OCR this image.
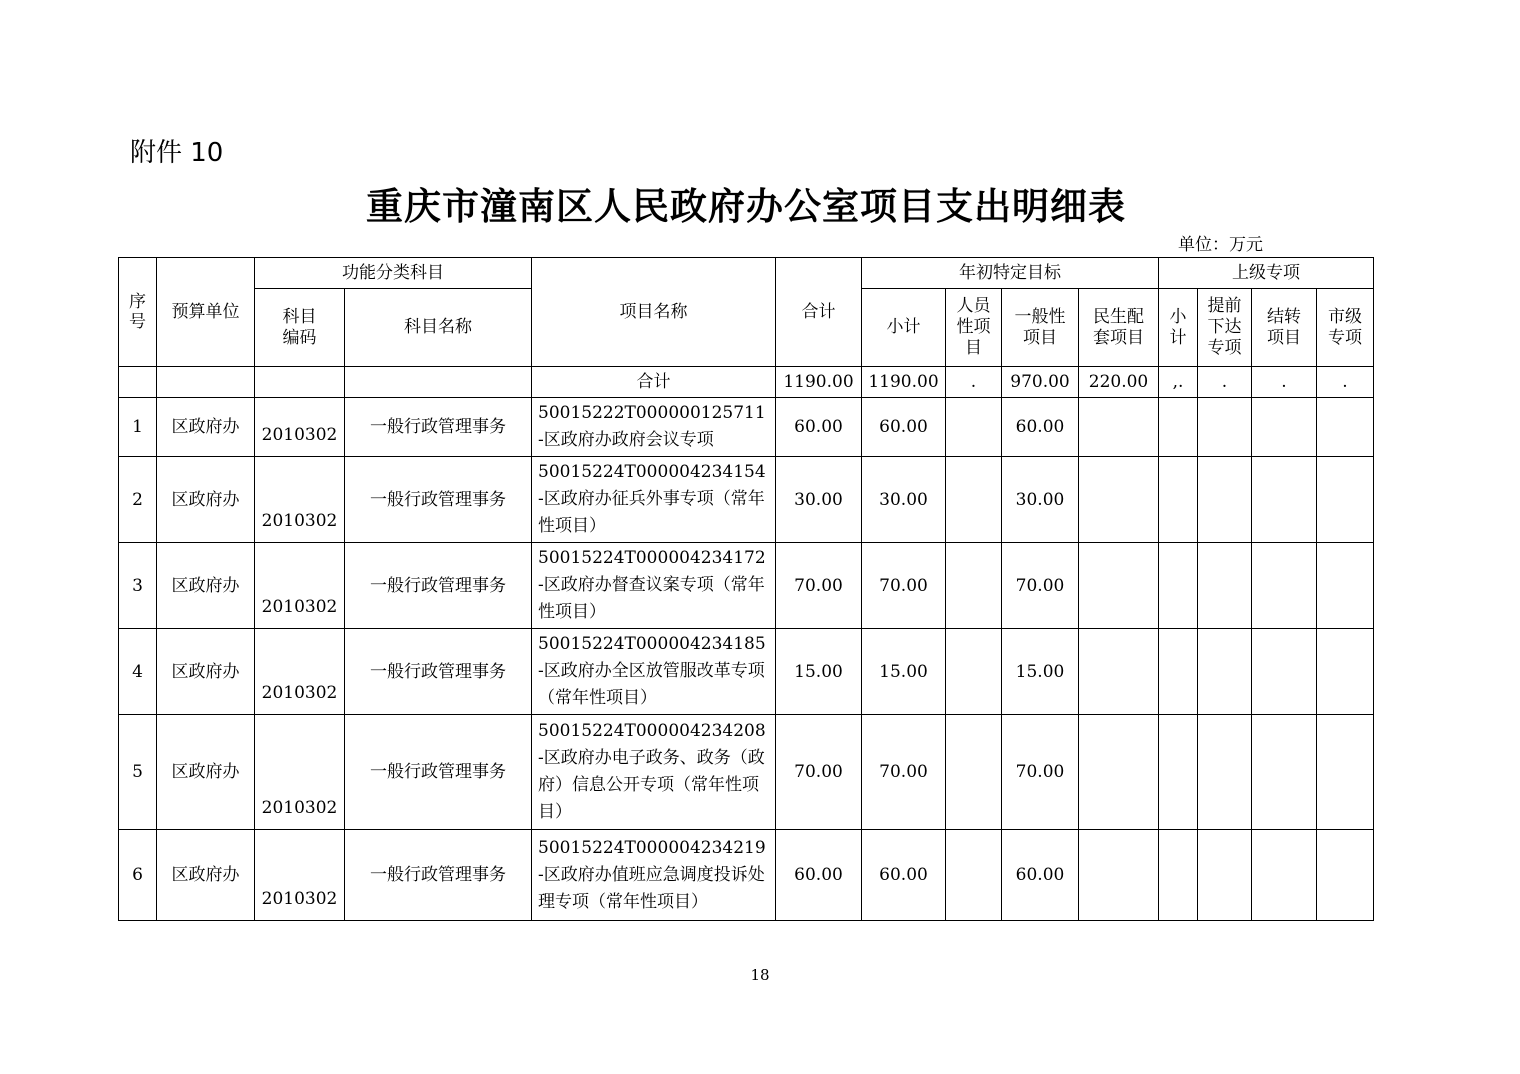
附件 10
重庆市潼南区人民政府办公室项目支出明细表
单位：万元
序号	预算单位	功能分类科目		项目名称	合计	年初特定目标				上级专项			
		科目编码	科目名称			小计	人员性项目	一般性项目	民生配套项目	小计	提前下达专项	结转项目	市级专项
				合计	1190.00	1190.00	.	970.00	220.00	,.	.	.	.
1	区政府办	2010302	一般行政管理事务	50015222T000000125711-区政府办政府会议专项	60.00	60.00		60.00					
2	区政府办	2010302	一般行政管理事务	50015224T000004234154-区政府办征兵外事专项（常年性项目）	30.00	30.00		30.00					
3	区政府办	2010302	一般行政管理事务	50015224T000004234172-区政府办督查议案专项（常年性项目）	70.00	70.00		70.00					
4	区政府办	2010302	一般行政管理事务	50015224T000004234185-区政府办全区放管服改革专项（常年性项目）	15.00	15.00		15.00					
5	区政府办	2010302	一般行政管理事务	50015224T000004234208-区政府办电子政务、政务（政府）信息公开专项（常年性项目）	70.00	70.00		70.00					
6	区政府办	2010302	一般行政管理事务	50015224T000004234219-区政府办值班应急调度投诉处理专项（常年性项目）	60.00	60.00		60.00					
18
